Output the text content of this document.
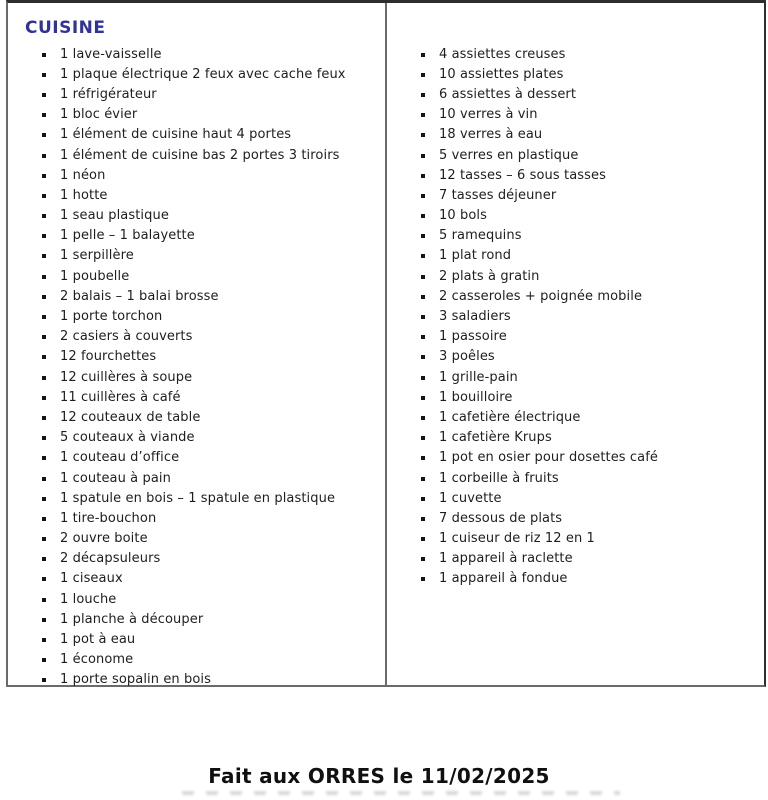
CUISINE
1 lave-vaisselle
1 plaque électrique 2 feux avec cache feux
1 réfrigérateur
1 bloc évier
1 élément de cuisine haut 4 portes
1 élément de cuisine bas 2 portes 3 tiroirs
1 néon
1 hotte
1 seau plastique
1 pelle – 1 balayette
1 serpillère
1 poubelle
2 balais – 1 balai brosse
1 porte torchon
2 casiers à couverts
12 fourchettes
12 cuillères à soupe
11 cuillères à café
12 couteaux de table
5 couteaux à viande
1 couteau d’office
1 couteau à pain
1 spatule en bois – 1 spatule en plastique
1 tire-bouchon
2 ouvre boite
2 décapsuleurs
1 ciseaux
1 louche
1 planche à découper
1 pot à eau
1 économe
1 porte sopalin en bois
4 assiettes creuses
10 assiettes plates
6 assiettes à dessert
10 verres à vin
18 verres à eau
5 verres en plastique
12 tasses – 6 sous tasses
7 tasses déjeuner
10 bols
5 ramequins
1 plat rond
2 plats à gratin
2 casseroles + poignée mobile
3 saladiers
1 passoire
3 poêles
1 grille-pain
1 bouilloire
1 cafetière électrique
1 cafetière Krups
1 pot en osier pour dosettes café
1 corbeille à fruits
1 cuvette
7 dessous de plats
1 cuiseur de riz 12 en 1
1 appareil à raclette
1 appareil à fondue
Fait aux ORRES le 11/02/2025
